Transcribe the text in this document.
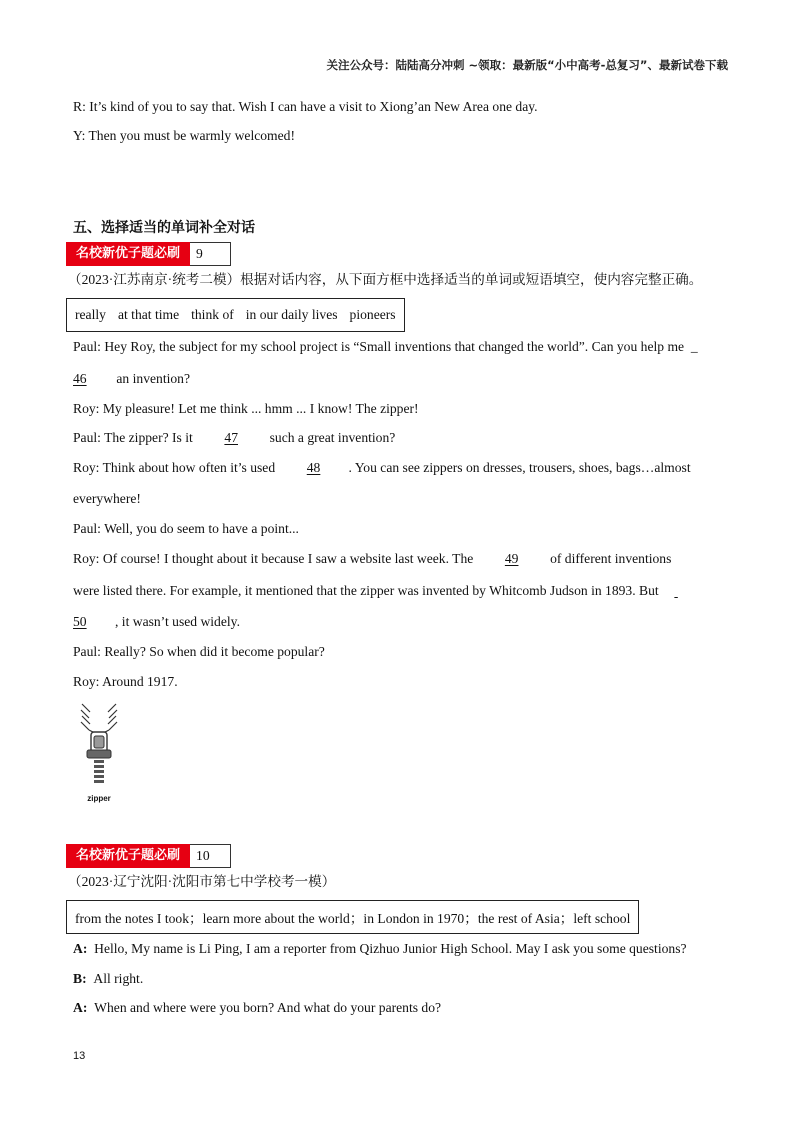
关注公众号：陆陆高分冲刺 ~领取：最新版“小中高考-总复习”、最新试卷下载
R: It’s kind of you to say that. Wish I can have a visit to Xiong’an New Area one day.
Y: Then you must be warmly welcomed!
五、选择适当的单词补全对话
名校新优子题必刷	9
（2023·江苏南京·统考二模）根据对话内容，从下面方框中选择适当的单词或短语填空，使内容完整正确。
really at that time think of in our daily lives pioneers
Paul: Hey Roy, the subject for my school project is “Small inventions that changed the world”. Can you help me _
46 an invention?
Roy: My pleasure! Let me think ... hmm ... I know! The zipper!
Paul: The zipper? Is it 47 such a great invention?
Roy: Think about how often it’s used 48 . You can see zippers on dresses, trousers, shoes, bags…almost
everywhere!
Paul: Well, you do seem to have a point...
Roy: Of course! I thought about it because I saw a website last week. The 49 of different inventions
were listed there. For example, it mentioned that the zipper was invented by Whitcomb Judson in 1893. But
50 , it wasn’t used widely.
Paul: Really? So when did it become popular?
Roy: Around 1917.
zipper
名校新优子题必刷	10
（2023·辽宁沈阳·沈阳市第七中学校考一模）
from the notes I took；learn more about the world；in London in 1970；the rest of Asia；left school
A: Hello, My name is Li Ping, I am a reporter from Qizhuo Junior High School. May I ask you some questions?
B: All right.
A: When and where were you born? And what do your parents do?
13
